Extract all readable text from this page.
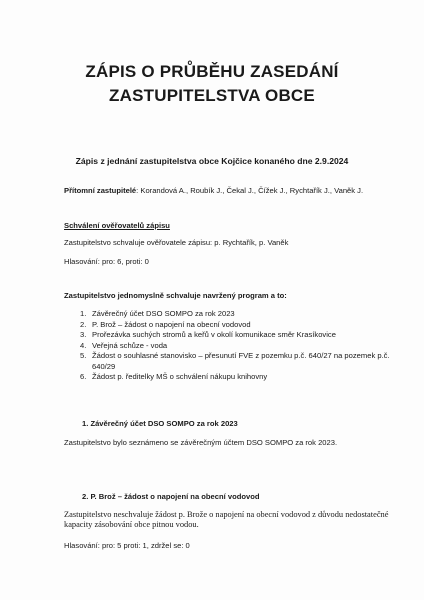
ZÁPIS O PRŮBĚHU ZASEDÁNÍ
ZASTUPITELSTVA OBCE
Zápis z jednání zastupitelstva obce Kojčice konaného dne 2.9.2024
Přítomní zastupitelé: Korandová A., Roubík J., Čekal J., Čížek J., Rychtařík J., Vaněk J.
Schválení ověřovatelů zápisu
Zastupitelstvo schvaluje ověřovatele zápisu: p. Rychtařík, p. Vaněk
Hlasování: pro: 6, proti: 0
Zastupitelstvo jednomyslně schvaluje navržený program a to:
1. Závěrečný účet DSO SOMPO za rok 2023
2. P. Brož – žádost o napojení na obecní vodovod
3. Prořezávka suchých stromů a keřů v okolí komunikace směr Krasíkovice
4. Veřejná schůze - voda
5. Žádost o souhlasné stanovisko – přesunutí FVE z pozemku p.č. 640/27 na pozemek p.č.
640/29
6. Žádost p. ředitelky MŠ o schválení nákupu knihovny
1. Závěrečný účet DSO SOMPO za rok 2023
Zastupitelstvo bylo seznámeno se závěrečným účtem DSO SOMPO za rok 2023.
2. P. Brož – žádost o napojení na obecní vodovod
Zastupitelstvo neschvaluje žádost p. Brože o napojení na obecní vodovod z důvodu nedostatečné
kapacity zásobování obce pitnou vodou.
Hlasování: pro: 5 proti: 1, zdržel se: 0
